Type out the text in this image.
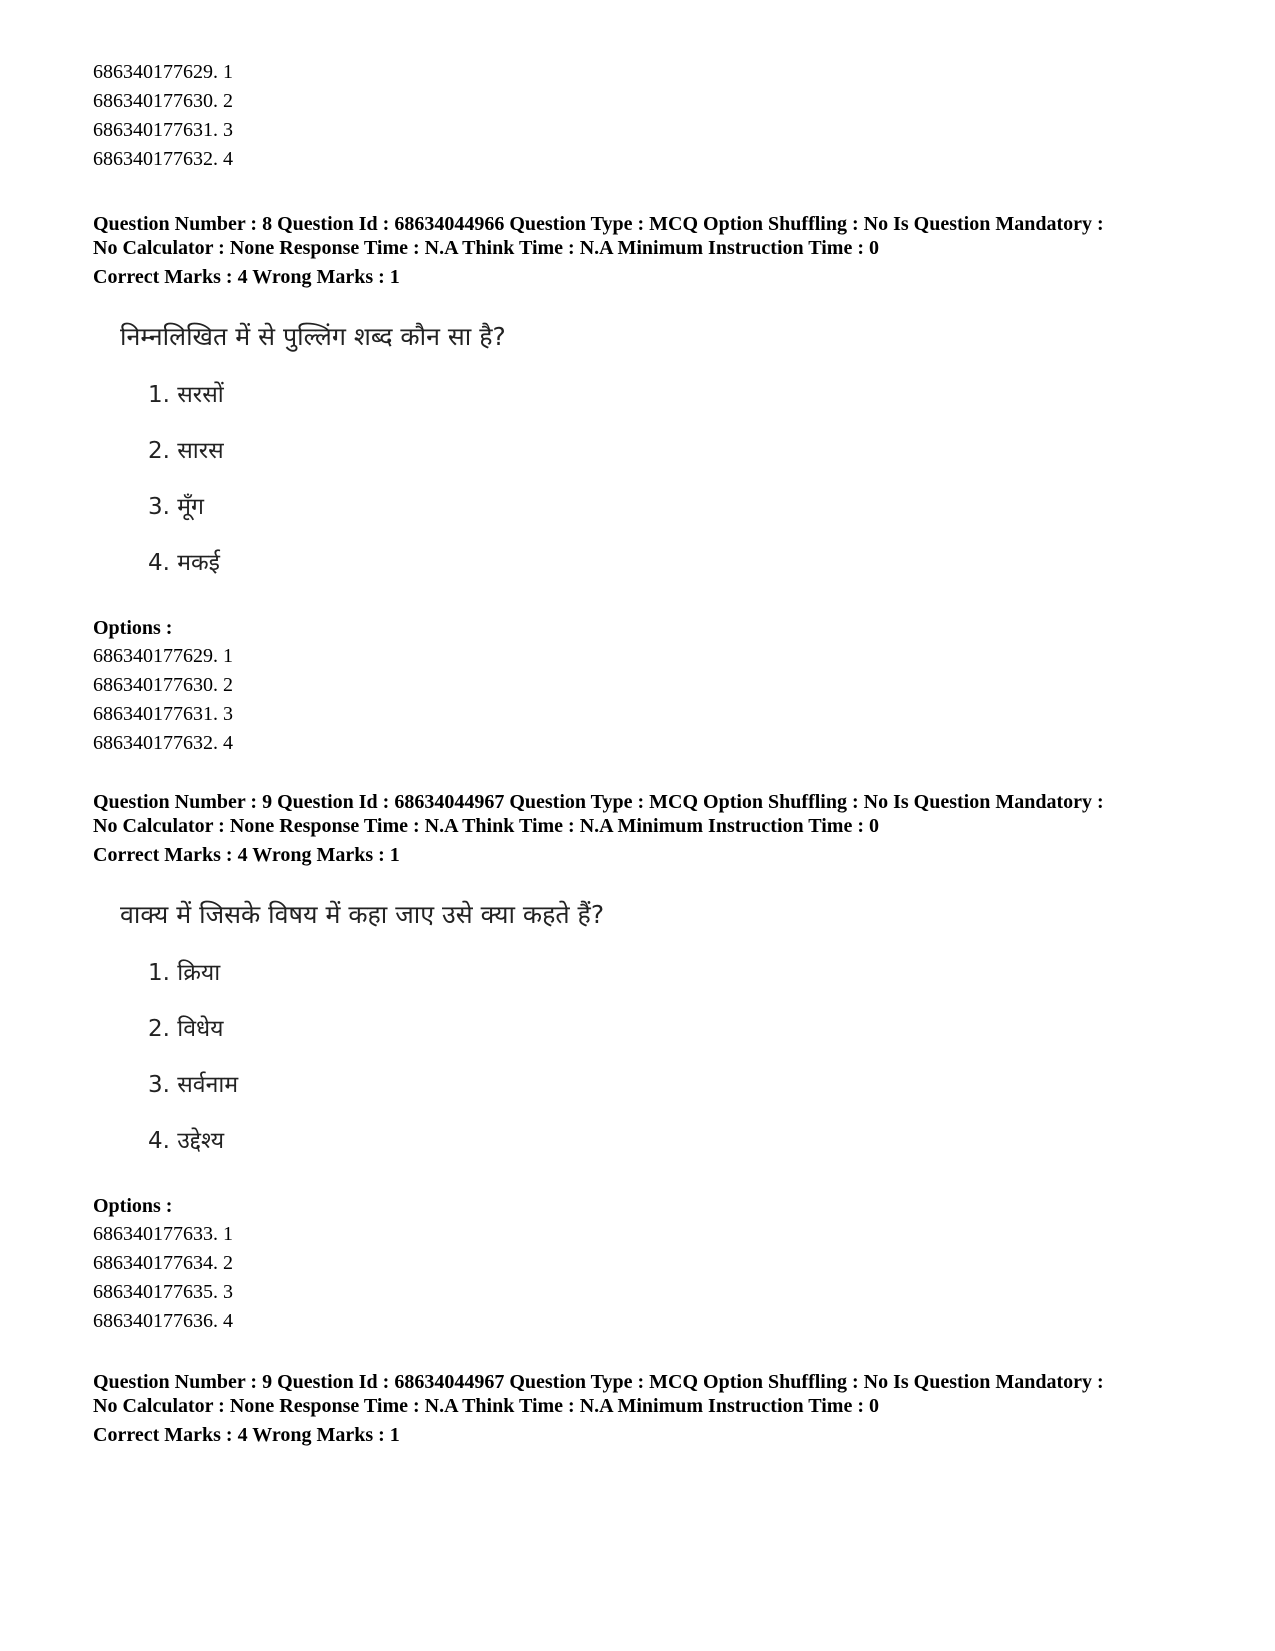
686340177629. 1
686340177630. 2
686340177631. 3
686340177632. 4
Question Number : 8 Question Id : 68634044966 Question Type : MCQ Option Shuffling : No Is Question Mandatory :
No Calculator : None Response Time : N.A Think Time : N.A Minimum Instruction Time : 0
Correct Marks : 4 Wrong Marks : 1
निम्नलिखित में से पुल्लिंग शब्द कौन सा है?
1. सरसों
2. सारस
3. मूँग
4. मकई
Options :
686340177629. 1
686340177630. 2
686340177631. 3
686340177632. 4
Question Number : 9 Question Id : 68634044967 Question Type : MCQ Option Shuffling : No Is Question Mandatory :
No Calculator : None Response Time : N.A Think Time : N.A Minimum Instruction Time : 0
Correct Marks : 4 Wrong Marks : 1
वाक्य में जिसके विषय में कहा जाए उसे क्या कहते हैं?
1. क्रिया
2. विधेय
3. सर्वनाम
4. उद्देश्य
Options :
686340177633. 1
686340177634. 2
686340177635. 3
686340177636. 4
Question Number : 9 Question Id : 68634044967 Question Type : MCQ Option Shuffling : No Is Question Mandatory :
No Calculator : None Response Time : N.A Think Time : N.A Minimum Instruction Time : 0
Correct Marks : 4 Wrong Marks : 1
